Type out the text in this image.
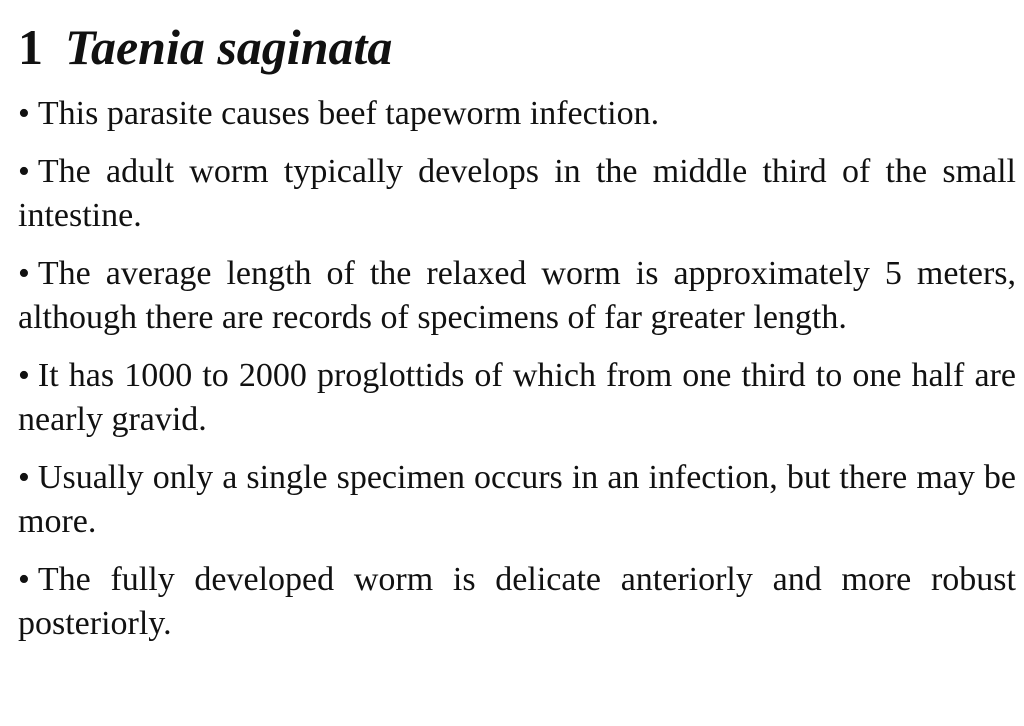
1 Taenia saginata
• This parasite causes beef tapeworm infection.
• The adult worm typically develops in the middle third of the small intestine.
• The average length of the relaxed worm is approximately 5 meters, although there are records of specimens of far greater length.
• It has 1000 to 2000 proglottids of which from one third to one half are nearly gravid.
• Usually only a single specimen occurs in an infection, but there may be more.
• The fully developed worm is delicate anteriorly and more robust posteriorly.
